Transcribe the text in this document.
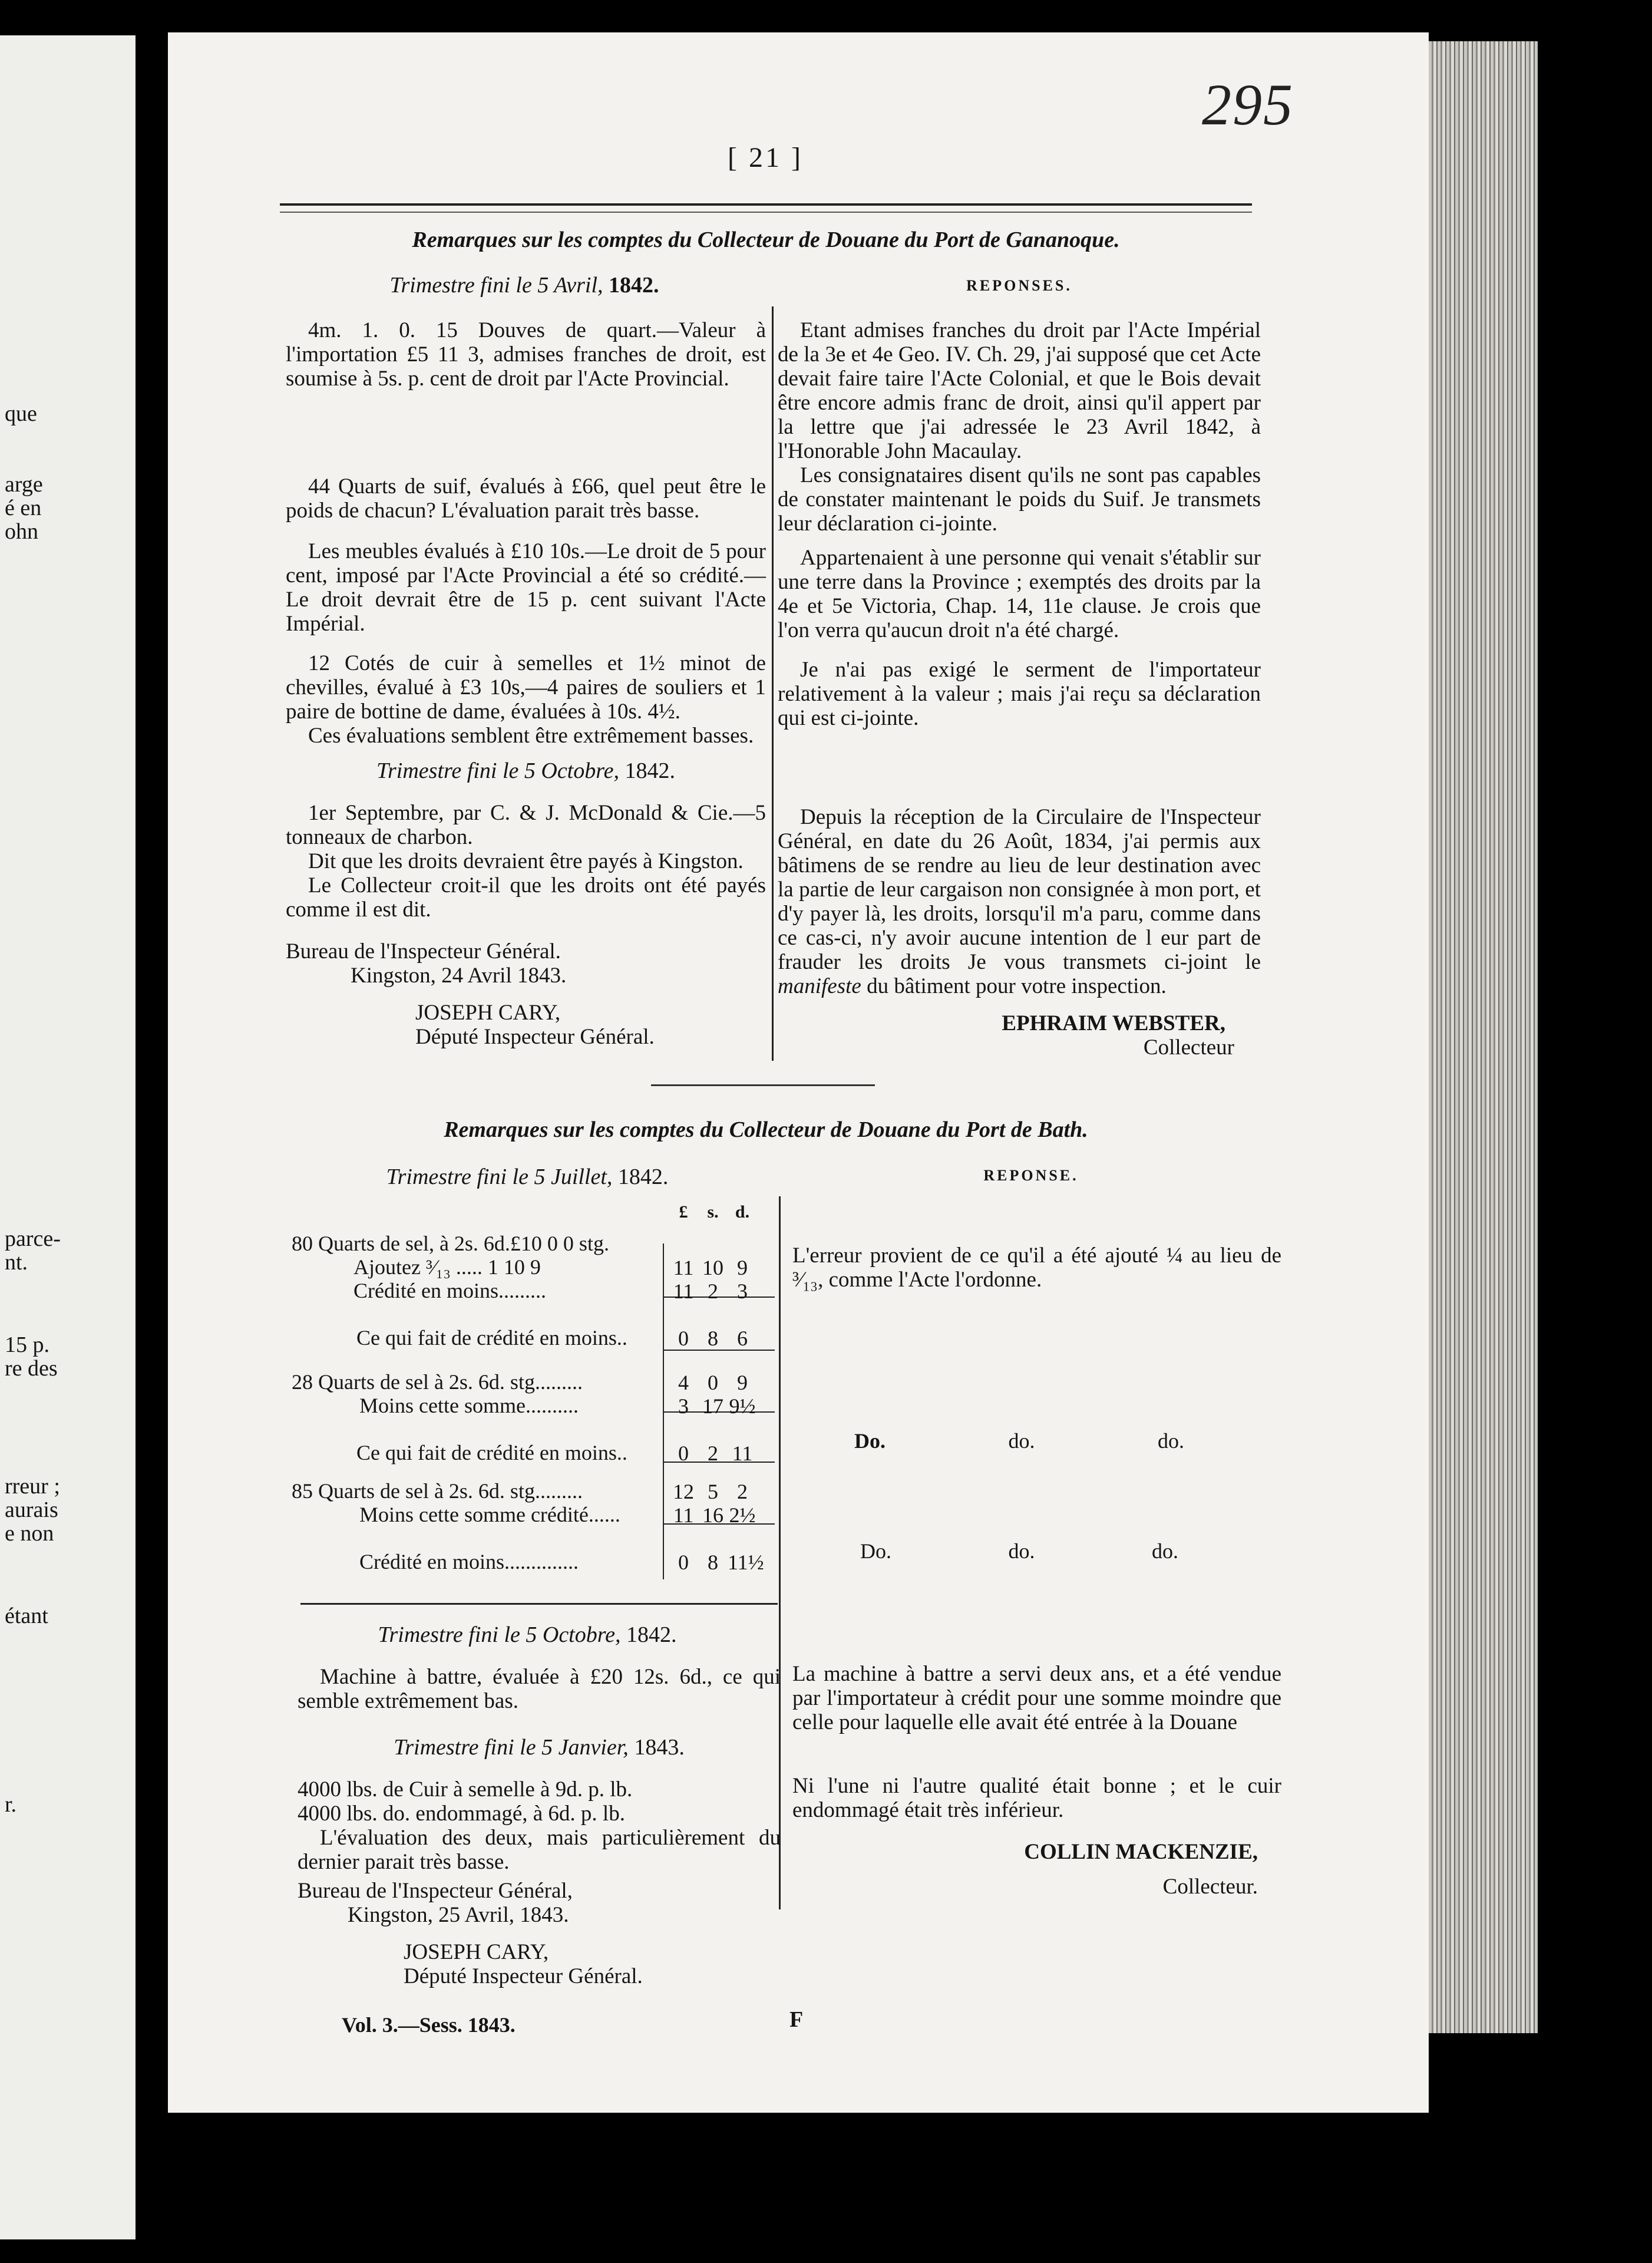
que
arge
é en
ohn
parce-
nt.
15 p.
re des
rreur ;
aurais
e non
étant
r.
295
[ 21 ]
Remarques sur les comptes du Collecteur de Douane du Port de Gananoque.
Trimestre fini le 5 Avril, 1842.	REPONSES.

4m. 1. 0. 15 Douves de quart.—Valeur à l'importation £5 11 3, admises franches de droit, est soumise à 5s. p. cent de droit par l'Acte Provincial.

44 Quarts de suif, évalués à £66, quel peut être le poids de chacun? L'évaluation parait très basse.

Les meubles évalués à £10 10s.—Le droit de 5 pour cent, imposé par l'Acte Provincial a été so crédité.—Le droit devrait être de 15 p. cent suivant l'Acte Impérial.

12 Cotés de cuir à semelles et 1½ minot de chevilles, évalué à £3 10s,—4 paires de souliers et 1 paire de bottine de dame, évaluées à 10s. 4½.

Ces évaluations semblent être extrêmement basses.

Trimestre fini le 5 Octobre, 1842.

1er Septembre, par C. & J. McDonald & Cie.—5 tonneaux de charbon.

Dit que les droits devraient être payés à Kingston.

Le Collecteur croit-il que les droits ont été payés comme il est dit.

Bureau de l'Inspecteur Général.

Kingston, 24 Avril 1843.

JOSEPH CARY,

Député Inspecteur Général.

Etant admises franches du droit par l'Acte Impérial de la 3e et 4e Geo. IV. Ch. 29, j'ai supposé que cet Acte devait faire taire l'Acte Colonial, et que le Bois devait être encore admis franc de droit, ainsi qu'il appert par la lettre que j'ai adressée le 23 Avril 1842, à l'Honorable John Macaulay.

Les consignataires disent qu'ils ne sont pas capables de constater maintenant le poids du Suif. Je transmets leur déclaration ci-jointe.

Appartenaient à une personne qui venait s'établir sur une terre dans la Province ; exemptés des droits par la 4e et 5e Victoria, Chap. 14, 11e clause. Je crois que l'on verra qu'aucun droit n'a été chargé.

Je n'ai pas exigé le serment de l'importateur relativement à la valeur ; mais j'ai reçu sa déclaration qui est ci-jointe.

Depuis la réception de la Circulaire de l'Inspecteur Général, en date du 26 Août, 1834, j'ai permis aux bâtimens de se rendre au lieu de leur destination avec la partie de leur cargaison non consignée à mon port, et d'y payer là, les droits, lorsqu'il m'a paru, comme dans ce cas-ci, n'y avoir aucune intention de l eur part de frauder les droits Je vous transmets ci-joint le manifeste du bâtiment pour votre inspection.

EPHRAIM WEBSTER,

Collecteur

Remarques sur les comptes du Collecteur de Douane du Port de Bath.
Trimestre fini le 5 Juillet, 1842.	REPONSE.
£ s. d.
80 Quarts de sel, à 2s. 6d.£10 0 0 stg.
Ajoutez ³⁄₁₃ ..... 1 10 9	11 10 9
Crédité en moins.........	11 2 3
Ce qui fait de crédité en moins..	0 8 6
28 Quarts de sel à 2s. 6d. stg.........	4 0 9
Moins cette somme..........	3 17 9½
Ce qui fait de crédité en moins..	0 2 11
85 Quarts de sel à 2s. 6d. stg.........	12 5 2
Moins cette somme crédité......	11 16 2½
Crédité en moins..............	0 8 11½

L'erreur provient de ce qu'il a été ajouté ¼ au lieu de ³⁄₁₃, comme l'Acte l'ordonne.

Do.	do.	do.
Do.	do.	do.
Trimestre fini le 5 Octobre, 1842.

Machine à battre, évaluée à £20 12s. 6d., ce qui semble extrêmement bas.

Trimestre fini le 5 Janvier, 1843.

4000 lbs. de Cuir à semelle à 9d. p. lb.

4000 lbs. do. endommagé, à 6d. p. lb.

L'évaluation des deux, mais particulièrement du dernier parait très basse.

Bureau de l'Inspecteur Général,

Kingston, 25 Avril, 1843.

JOSEPH CARY,

Député Inspecteur Général.

La machine à battre a servi deux ans, et a été vendue par l'importateur à crédit pour une somme moindre que celle pour laquelle elle avait été entrée à la Douane

Ni l'une ni l'autre qualité était bonne ; et le cuir endommagé était très inférieur.

COLLIN MACKENZIE,

Collecteur.

Vol. 3.—Sess. 1843.	F
